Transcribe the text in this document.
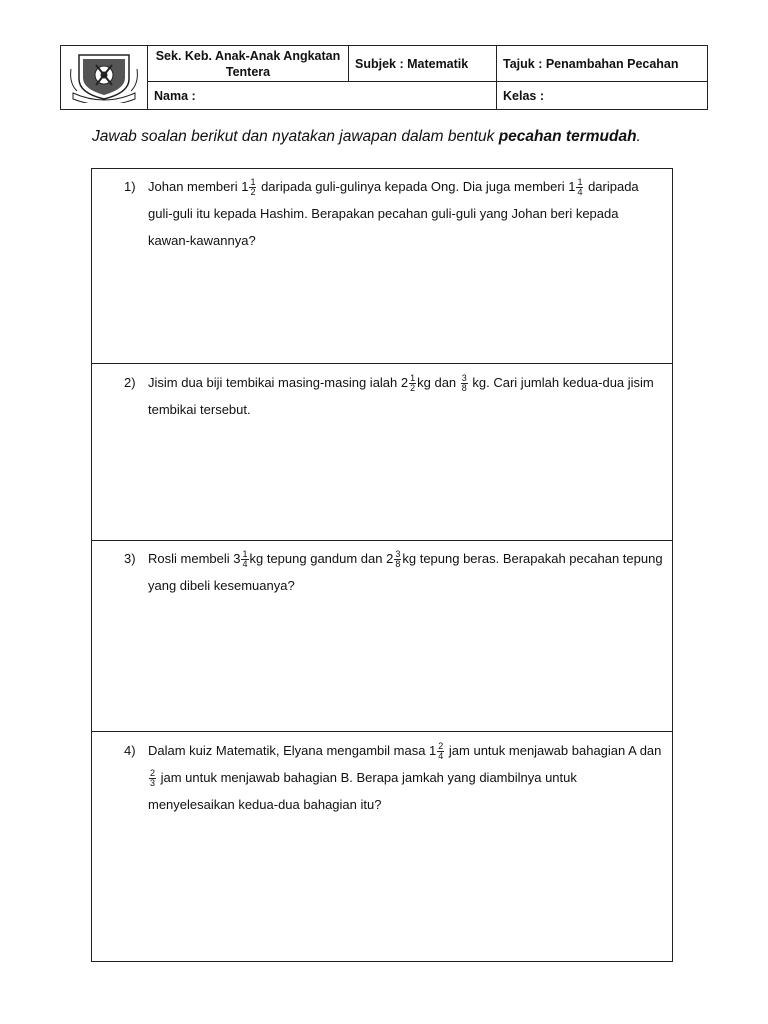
	Sek. Keb. Anak-Anak Angkatan Tentera	Subjek : Matematik	Tajuk : Penambahan Pecahan
	Nama :		Kelas :
Jawab soalan berikut dan nyatakan jawapan dalam bentuk pecahan termudah.
1) Johan memberi $1 \frac{1}{2}$ daripada guli-gulinya kepada Ong. Dia juga memberi $1 \frac{1}{4}$ daripada guli-guli itu kepada Hashim. Berapakan pecahan guli-guli yang Johan beri kepada kawan-kawannya?
2) Jisim dua biji tembikai masing-masing ialah $2 \frac{1}{2}$ kg dan $\frac{3}{8}$ kg. Cari jumlah kedua-dua jisim tembikai tersebut.
3) Rosli membeli $3 \frac{1}{4}$ kg tepung gandum dan $2 \frac{3}{8}$ kg tepung beras. Berapakah pecahan tepung yang dibeli kesemuanya?
4) Dalam kuiz Matematik, Elyana mengambil masa $1 \frac{2}{4}$ jam untuk menjawab bahagian A dan
$\frac{2}{3}$ jam untuk menjawab bahagian B. Berapa jamkah yang diambilnya untuk menyelesaikan kedua-dua bahagian itu?
